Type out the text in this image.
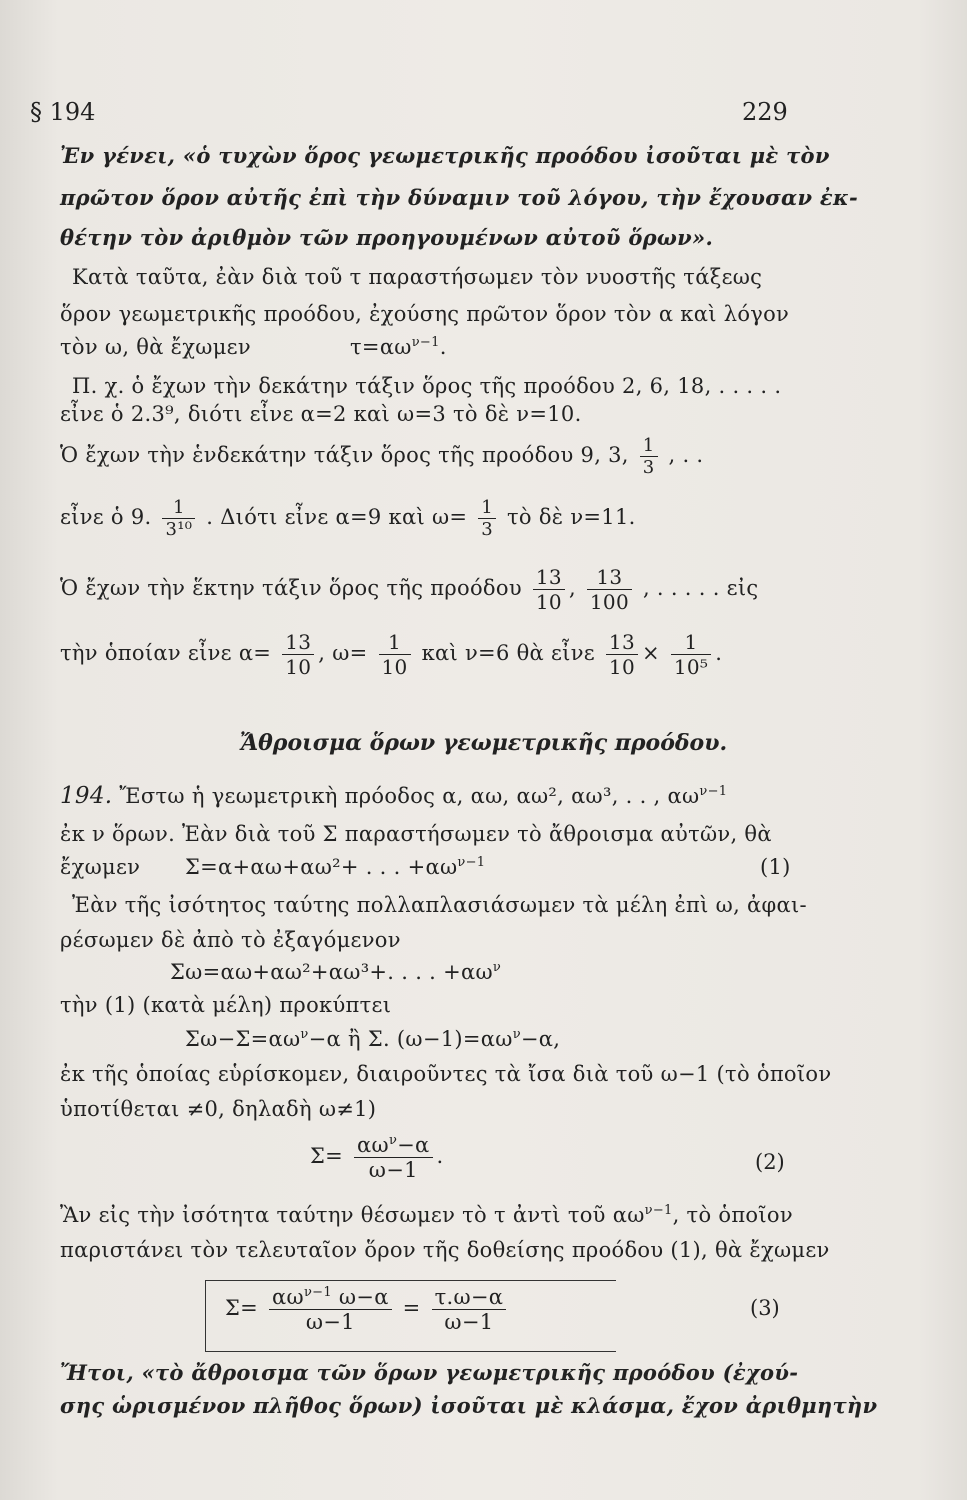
§ 194	229
Ἐν γένει, «ὁ τυχὼν ὅρος γεωμετρικῆς προόδου ἰσοῦται μὲ τὸν
πρῶτον ὅρον αὐτῆς ἐπὶ τὴν δύναμιν τοῦ λόγου, τὴν ἔχουσαν ἐκ-
θέτην τὸν ἀριθμὸν τῶν προηγουμένων αὐτοῦ ὅρων».
Κατὰ ταῦτα, ἐὰν διὰ τοῦ τ παραστήσωμεν τὸν νυοστῆς τάξεως
ὅρον γεωμετρικῆς προόδου, ἐχούσης πρῶτον ὅρον τὸν α καὶ λόγον
τὸν ω, θὰ ἔχωμεν	$\tau=\alpha\omega^{\nu-1}$.
Π. χ. ὁ ἔχων τὴν δεκάτην τάξιν ὅρος τῆς προόδου 2, 6, 18, . . . . .
εἶνε ὁ 2.3⁹, διότι εἶνε α=2 καὶ ω=3 τὸ δὲ ν=10.
Ὁ ἔχων τὴν ἑνδεκάτην τάξιν ὅρος τῆς προόδου 9, 3, $\frac{1}{3}$ , . .
εἶνε ὁ 9. $\frac{1}{\text{3¹⁰}}$ . Διότι εἶνε α=9 καὶ $\omega= \frac{1}{3}$ τὸ δὲ ν=11.
Ὁ ἔχων τὴν ἕκτην τάξιν ὅρος τῆς προόδου $\frac{13}{10}$ , $\frac{13}{100}$ , . . . . . εἰς
τὴν ὁποίαν εἶνε $\alpha= \frac{13}{10}$ , $\omega= \frac{1}{10}$ καὶ ν=6 θὰ εἶνε $\frac{13}{10} \times \frac{1}{\text{10⁵}}$ .
Ἄθροισμα ὅρων γεωμετρικῆς προόδου.
194. Ἔστω ἡ γεωμετρικὴ πρόοδος α, αω, αω², αω³, . . , $\alpha\omega^{\nu-1}$
ἐκ ν ὅρων. Ἐὰν διὰ τοῦ Σ παραστήσωμεν τὸ ἄθροισμα αὐτῶν, θὰ
ἔχωμεν Σ=α+αω+αω²+ . . . $+\alpha\omega^{\nu-1}$	(1)
Ἐὰν τῆς ἰσότητος ταύτης πολλαπλασιάσωμεν τὰ μέλη ἐπὶ ω, ἀφαι-
ρέσωμεν δὲ ἀπὸ τὸ ἐξαγόμενον
Σω=αω+αω²+αω³+. . . . $+\alpha\omega^\nu$
τὴν (1) (κατὰ μέλη) προκύπτει
$\Sigma\omega-\Sigma=\alpha\omega^\nu-\alpha$ ἢ Σ. $(\omega-1)=\alpha\omega^\nu-\alpha$,
ἐκ τῆς ὁποίας εὑρίσκομεν, διαιροῦντες τὰ ἴσα διὰ τοῦ ω−1 (τὸ ὁποῖον
ὑποτίθεται ≠0, δηλαδὴ ω≠1)
$\Sigma= \frac{\alpha\omega^\nu-\alpha}{\omega-1}$ .	(2)
Ἂν εἰς τὴν ἰσότητα ταύτην θέσωμεν τὸ τ ἀντὶ τοῦ $\alpha\omega^{\nu-1}$, τὸ ὁποῖον
παριστάνει τὸν τελευταῖον ὅρον τῆς δοθείσης προόδου (1), θὰ ἔχωμεν
$\Sigma= \frac{\alpha\omega^{\nu-1} \omega-\alpha}{\omega-1} = \frac{\tau.\omega-\alpha}{\omega-1}$	(3)
Ἤτοι, «τὸ ἄθροισμα τῶν ὅρων γεωμετρικῆς προόδου (ἐχού-
σης ὡρισμένον πλῆθος ὅρων) ἰσοῦται μὲ κλάσμα, ἔχον ἀριθμητὴν
